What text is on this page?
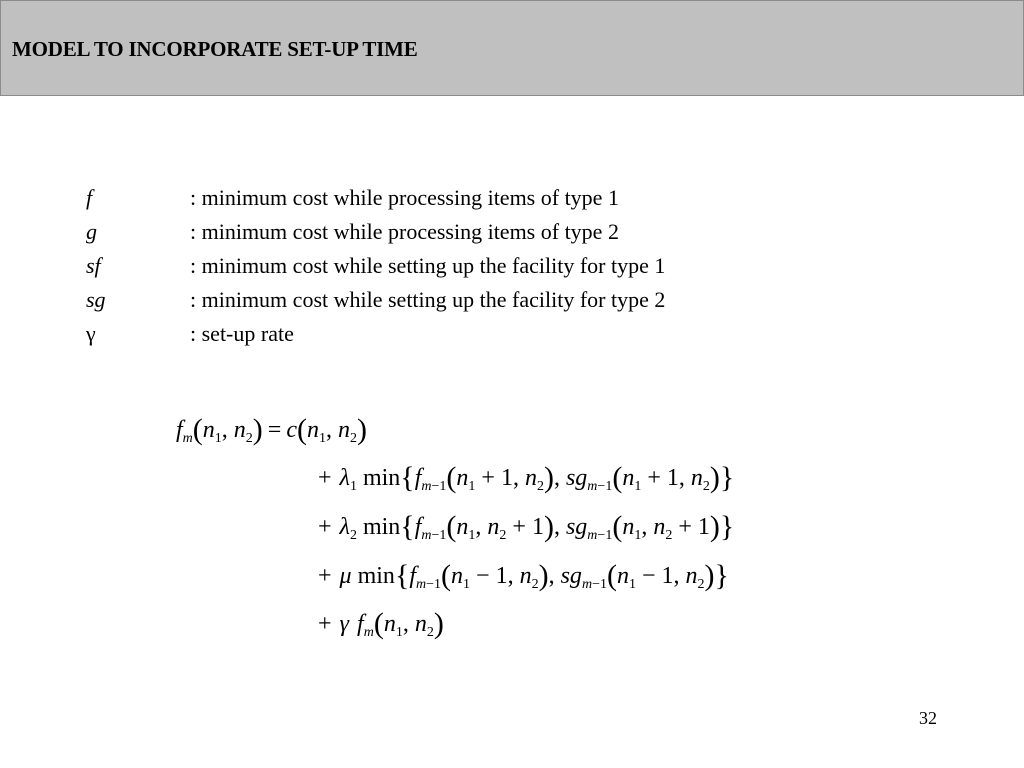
MODEL TO INCORPORATE SET-UP TIME
f	: minimum cost while processing items of type 1
g	: minimum cost while processing items of type 2
sf	: minimum cost while setting up the facility for type 1
sg	: minimum cost while setting up the facility for type 2
γ	: set-up rate
$f_m(n_1$, $n_2) = c(n_1$, $n_2$)
+ $\lambda_1$ $\min\{f_{m-1}(n_1 + 1$, $n_2$), $sg_{m-1}(n_1 + 1$, $n_2$)}
+ $\lambda_2$ $\min\{f_{m-1}(n_1$, $n_2 + 1$), $sg_{m-1}(n_1$, $n_2 + 1$)}
+ μ $\min\{f_{m-1}(n_1 - 1$, $n_2$), $sg_{m-1}(n_1 - 1$, $n_2$)}
+ γ $f_m(n_1$, $n_2$)
32
